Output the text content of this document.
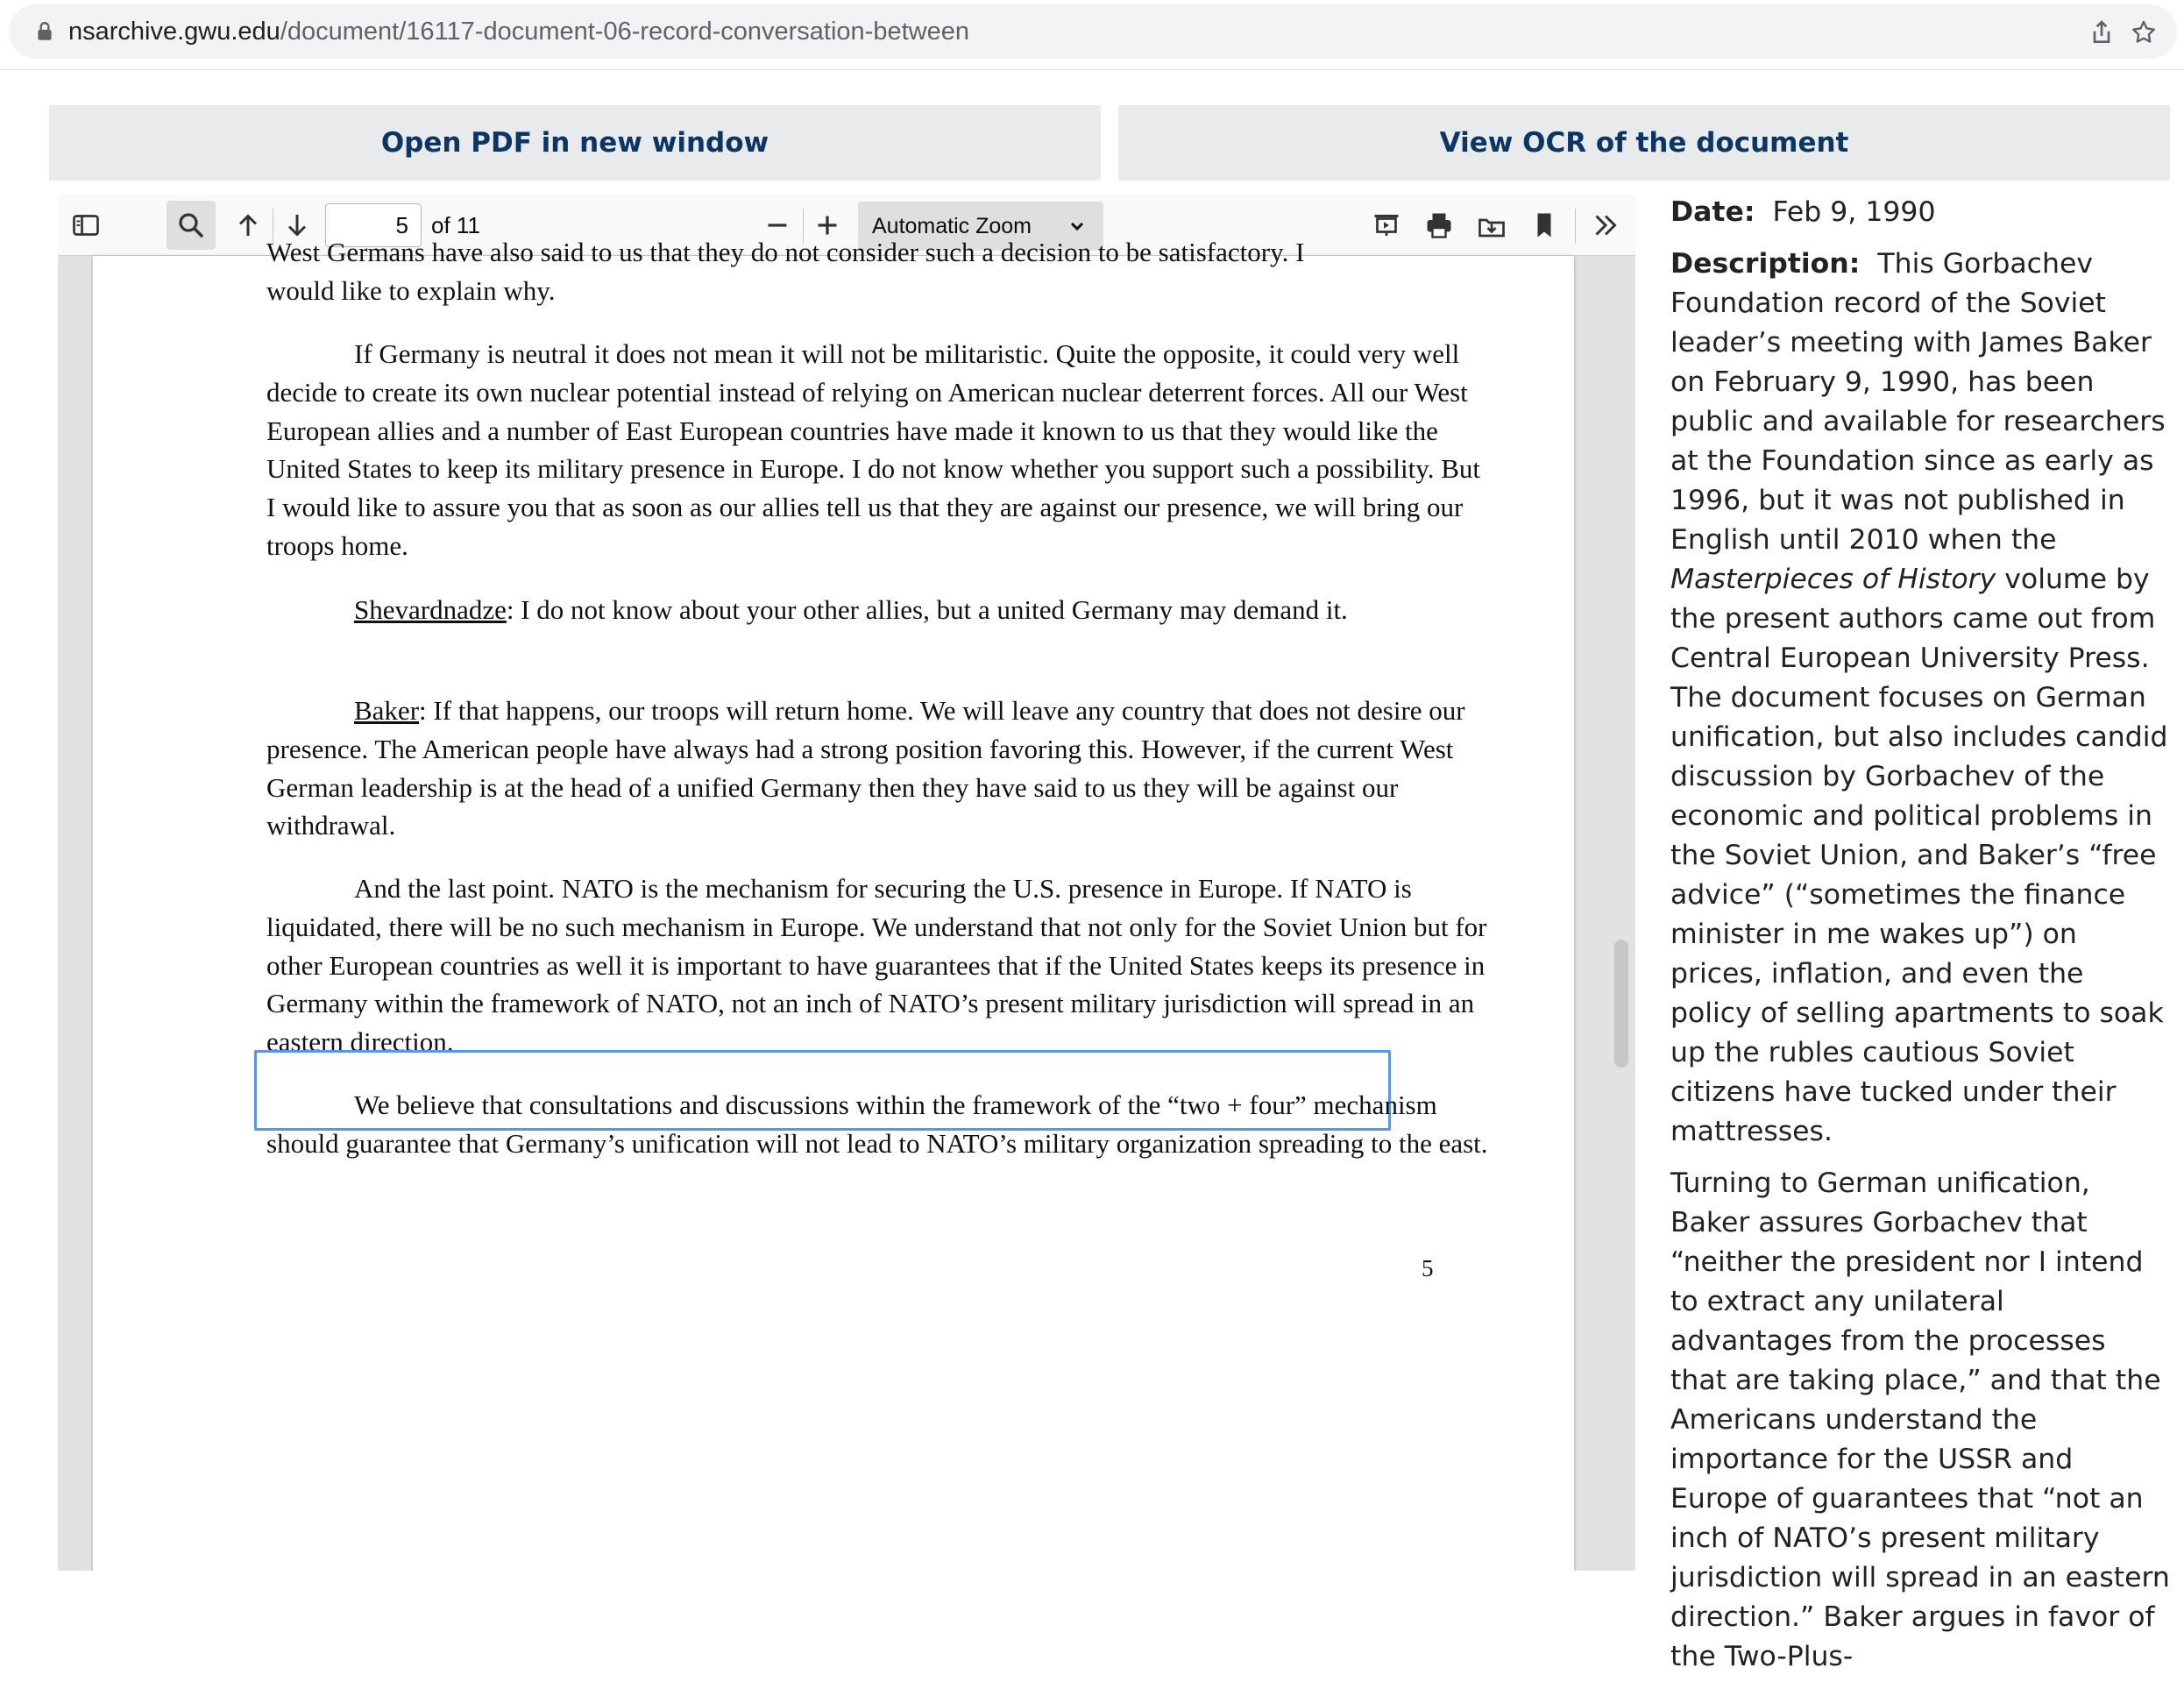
nsarchive.gwu.edu/document/16117-document-06-record-conversation-between
Open PDF in new window	View OCR of the document
5	of 11	Automatic Zoom

West Germans have also said to us that they do not consider such a decision to be satisfactory. I

would like to explain why.

If Germany is neutral it does not mean it will not be militaristic. Quite the opposite, it could very well decide to create its own nuclear potential instead of relying on American nuclear deterrent forces. All our West European allies and a number of East European countries have made it known to us that they would like the United States to keep its military presence in Europe. I do not know whether you support such a possibility. But I would like to assure you that as soon as our allies tell us that they are against our presence, we will bring our troops home.

Shevardnadze: I do not know about your other allies, but a united Germany may demand it.

Baker: If that happens, our troops will return home. We will leave any country that does not desire our presence. The American people have always had a strong position favoring this. However, if the current West German leadership is at the head of a unified Germany then they have said to us they will be against our withdrawal.

And the last point. NATO is the mechanism for securing the U.S. presence in Europe. If NATO is liquidated, there will be no such mechanism in Europe. We understand that not only for the Soviet Union but for other European countries as well it is important to have guarantees that if the United States keeps its presence in Germany within the framework of NATO, not an inch of NATO’s present military jurisdiction will spread in an eastern direction.

We believe that consultations and discussions within the framework of the “two + four” mechanism should guarantee that Germany’s unification will not lead to NATO’s military organization spreading to the east.

5

Date: Feb 9, 1990

Description: This Gorbachev Foundation record of the Soviet leader’s meeting with James Baker on February 9, 1990, has been public and available for researchers at the Foundation since as early as 1996, but it was not published in English until 2010 when the Masterpieces of History volume by the present authors came out from Central European University Press. The document focuses on German unification, but also includes candid discussion by Gorbachev of the economic and political problems in the Soviet Union, and Baker’s “free advice” (“sometimes the finance minister in me wakes up”) on prices, inflation, and even the policy of selling apartments to soak up the rubles cautious Soviet citizens have tucked under their mattresses.

Turning to German unification, Baker assures Gorbachev that “neither the president nor I intend to extract any unilateral advantages from the processes that are taking place,” and that the Americans understand the importance for the USSR and Europe of guarantees that “not an inch of NATO’s present military jurisdiction will spread in an eastern direction.” Baker argues in favor of the Two-Plus-
